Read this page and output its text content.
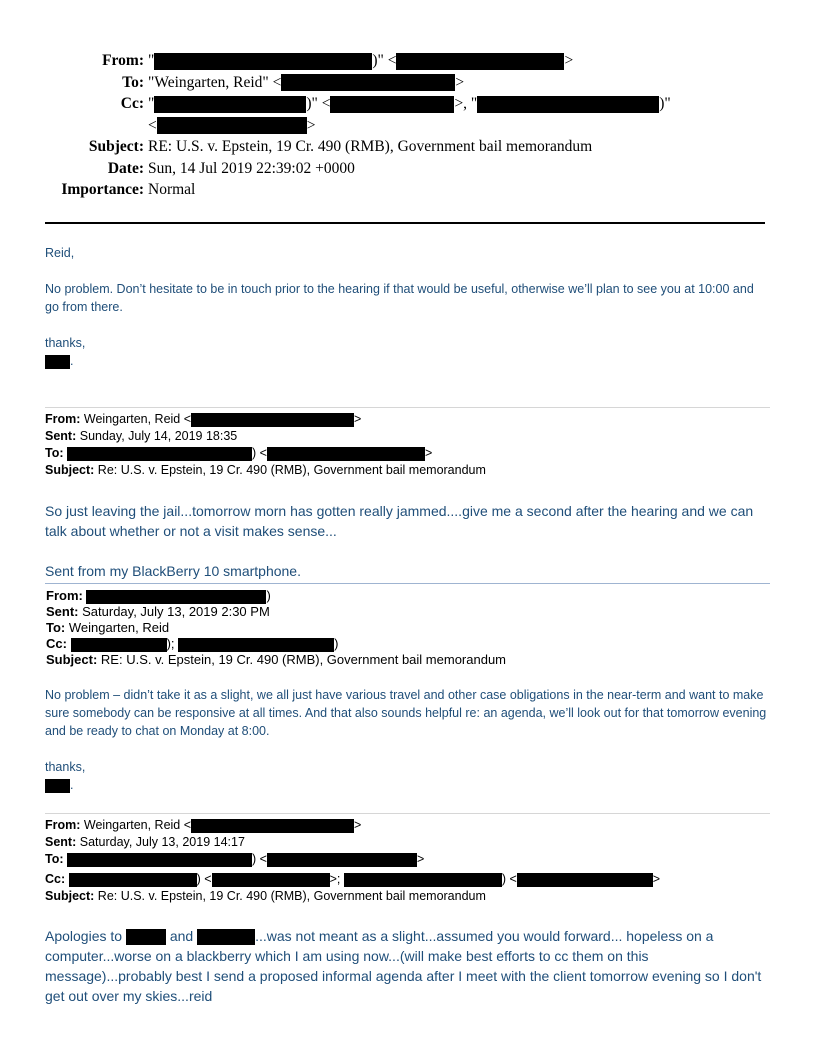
From: "	)" <	>
To: "Weingarten, Reid" <	>
Cc: "	)" <	>, "	)"
<	>
Subject: RE: U.S. v. Epstein, 19 Cr. 490 (RMB), Government bail memorandum
Date: Sun, 14 Jul 2019 22:39:02 +0000
Importance: Normal
Reid,
No problem. Don’t hesitate to be in touch prior to the hearing if that would be useful, otherwise we’ll plan to see you at 10:00 and go from there.
thanks,
.
From: Weingarten, Reid <	>
Sent: Sunday, July 14, 2019 18:35
To:	) <	>
Subject: Re: U.S. v. Epstein, 19 Cr. 490 (RMB), Government bail memorandum
So just leaving the jail...tomorrow morn has gotten really jammed....give me a second after the hearing and we can talk about whether or not a visit makes sense...
Sent from my BlackBerry 10 smartphone.
From:	)
Sent: Saturday, July 13, 2019 2:30 PM
To: Weingarten, Reid
Cc:	);	)
Subject: RE: U.S. v. Epstein, 19 Cr. 490 (RMB), Government bail memorandum
No problem – didn’t take it as a slight, we all just have various travel and other case obligations in the near-term and want to make sure somebody can be responsive at all times. And that also sounds helpful re: an agenda, we’ll look out for that tomorrow evening and be ready to chat on Monday at 8:00.
thanks,
.
From: Weingarten, Reid <	>
Sent: Saturday, July 13, 2019 14:17
To:	) <	>
Cc:	) <	>;	) <	>
Subject: Re: U.S. v. Epstein, 19 Cr. 490 (RMB), Government bail memorandum
Apologies to	and	...was not meant as a slight...assumed you would forward... hopeless on a computer...worse on a blackberry which I am using now...(will make best efforts to cc them on this message)...probably best I send a proposed informal agenda after I meet with the client tomorrow evening so I don't get out over my skies...reid
